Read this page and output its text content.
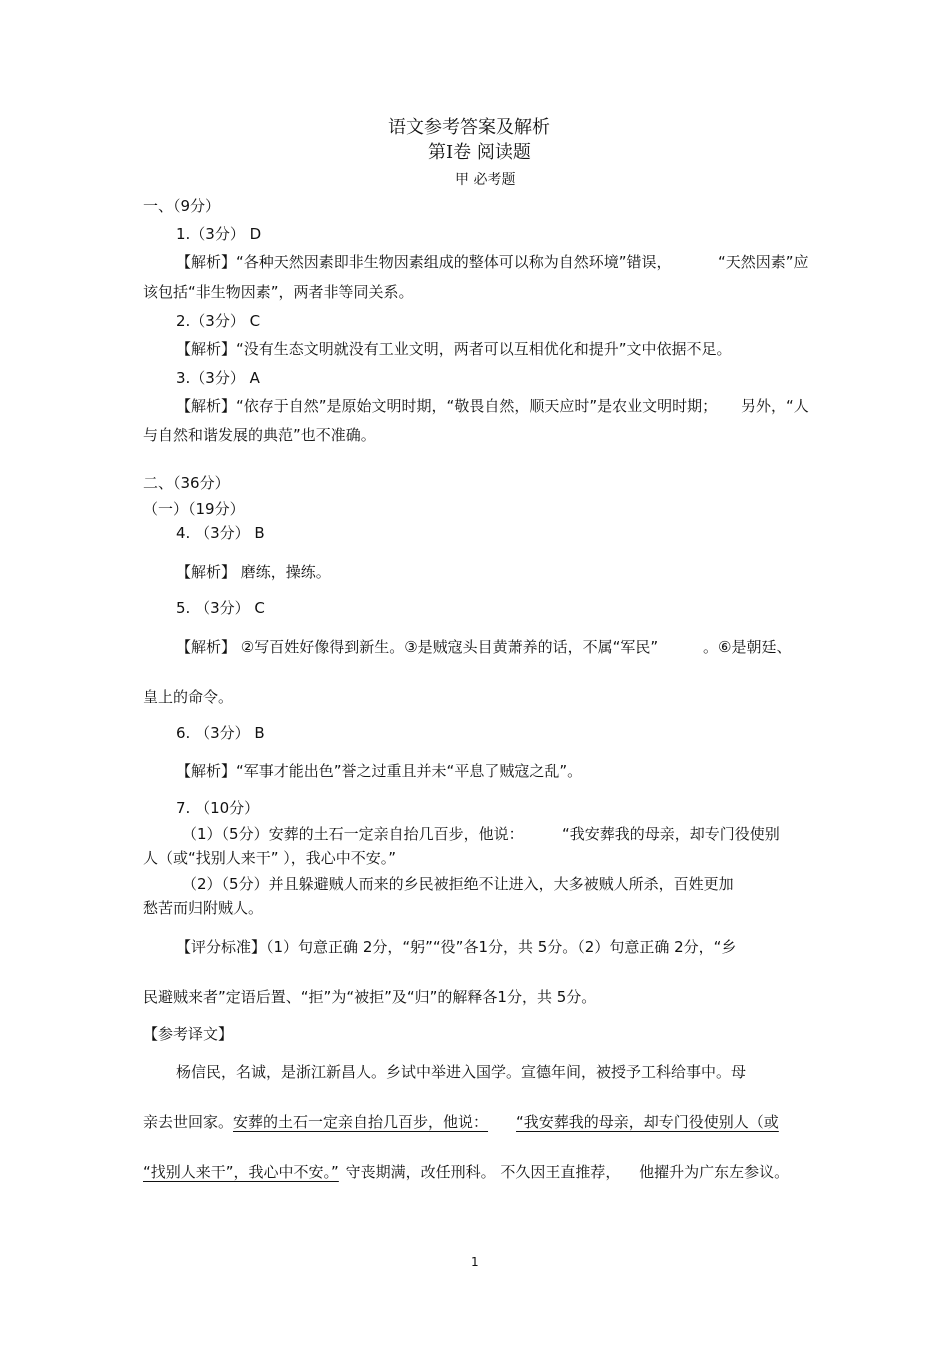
语文参考答案及解析
第Ⅰ卷 阅读题
甲 必考题
一、（9分）
1.（3分） D
【解析】“各种天然因素即非生物因素组成的整体可以称为自然环境”错误，	“天然因素”应
该包括“非生物因素”，两者非等同关系。
2.（3分） C
【解析】“没有生态文明就没有工业文明，两者可以互相优化和提升”文中依据不足。
3.（3分） A
【解析】“依存于自然”是原始文明时期，“敬畏自然，顺天应时”是农业文明时期； 另外，“人
与自然和谐发展的典范”也不准确。
二、（36分）
（一）（19分）
4. （3分） B
【解析】 磨练，操练。
5. （3分） C
【解析】 ②写百姓好像得到新生。③是贼寇头目黄萧养的话，不属“军民”	。⑥是朝廷、
皇上的命令。
6. （3分） B
【解析】“军事才能出色”誉之过重且并未“平息了贼寇之乱”。
7. （10分）
（1）（5分）安葬的土石一定亲自抬几百步，他说：	“我安葬我的母亲，却专门役使别
人（或“找别人来干” ），我心中不安。”
（2）（5分）并且躲避贼人而来的乡民被拒绝不让进入，大多被贼人所杀，百姓更加
愁苦而归附贼人。
【评分标准】（1）句意正确 2分，“躬”“役”各1分，共 5分。（2）句意正确 2分，“乡
民避贼来者”定语后置、“拒”为“被拒”及“归”的解释各1分，共 5分。
【参考译文】
杨信民，名诚，是浙江新昌人。乡试中举进入国学。宣德年间，被授予工科给事中。母
亲去世回家。安葬的土石一定亲自抬几百步，他说： “我安葬我的母亲，却专门役使别人（或
“找别人来干”，我心中不安。” 守丧期满，改任刑科。 不久因王直推荐， 他擢升为广东左参议。
1
